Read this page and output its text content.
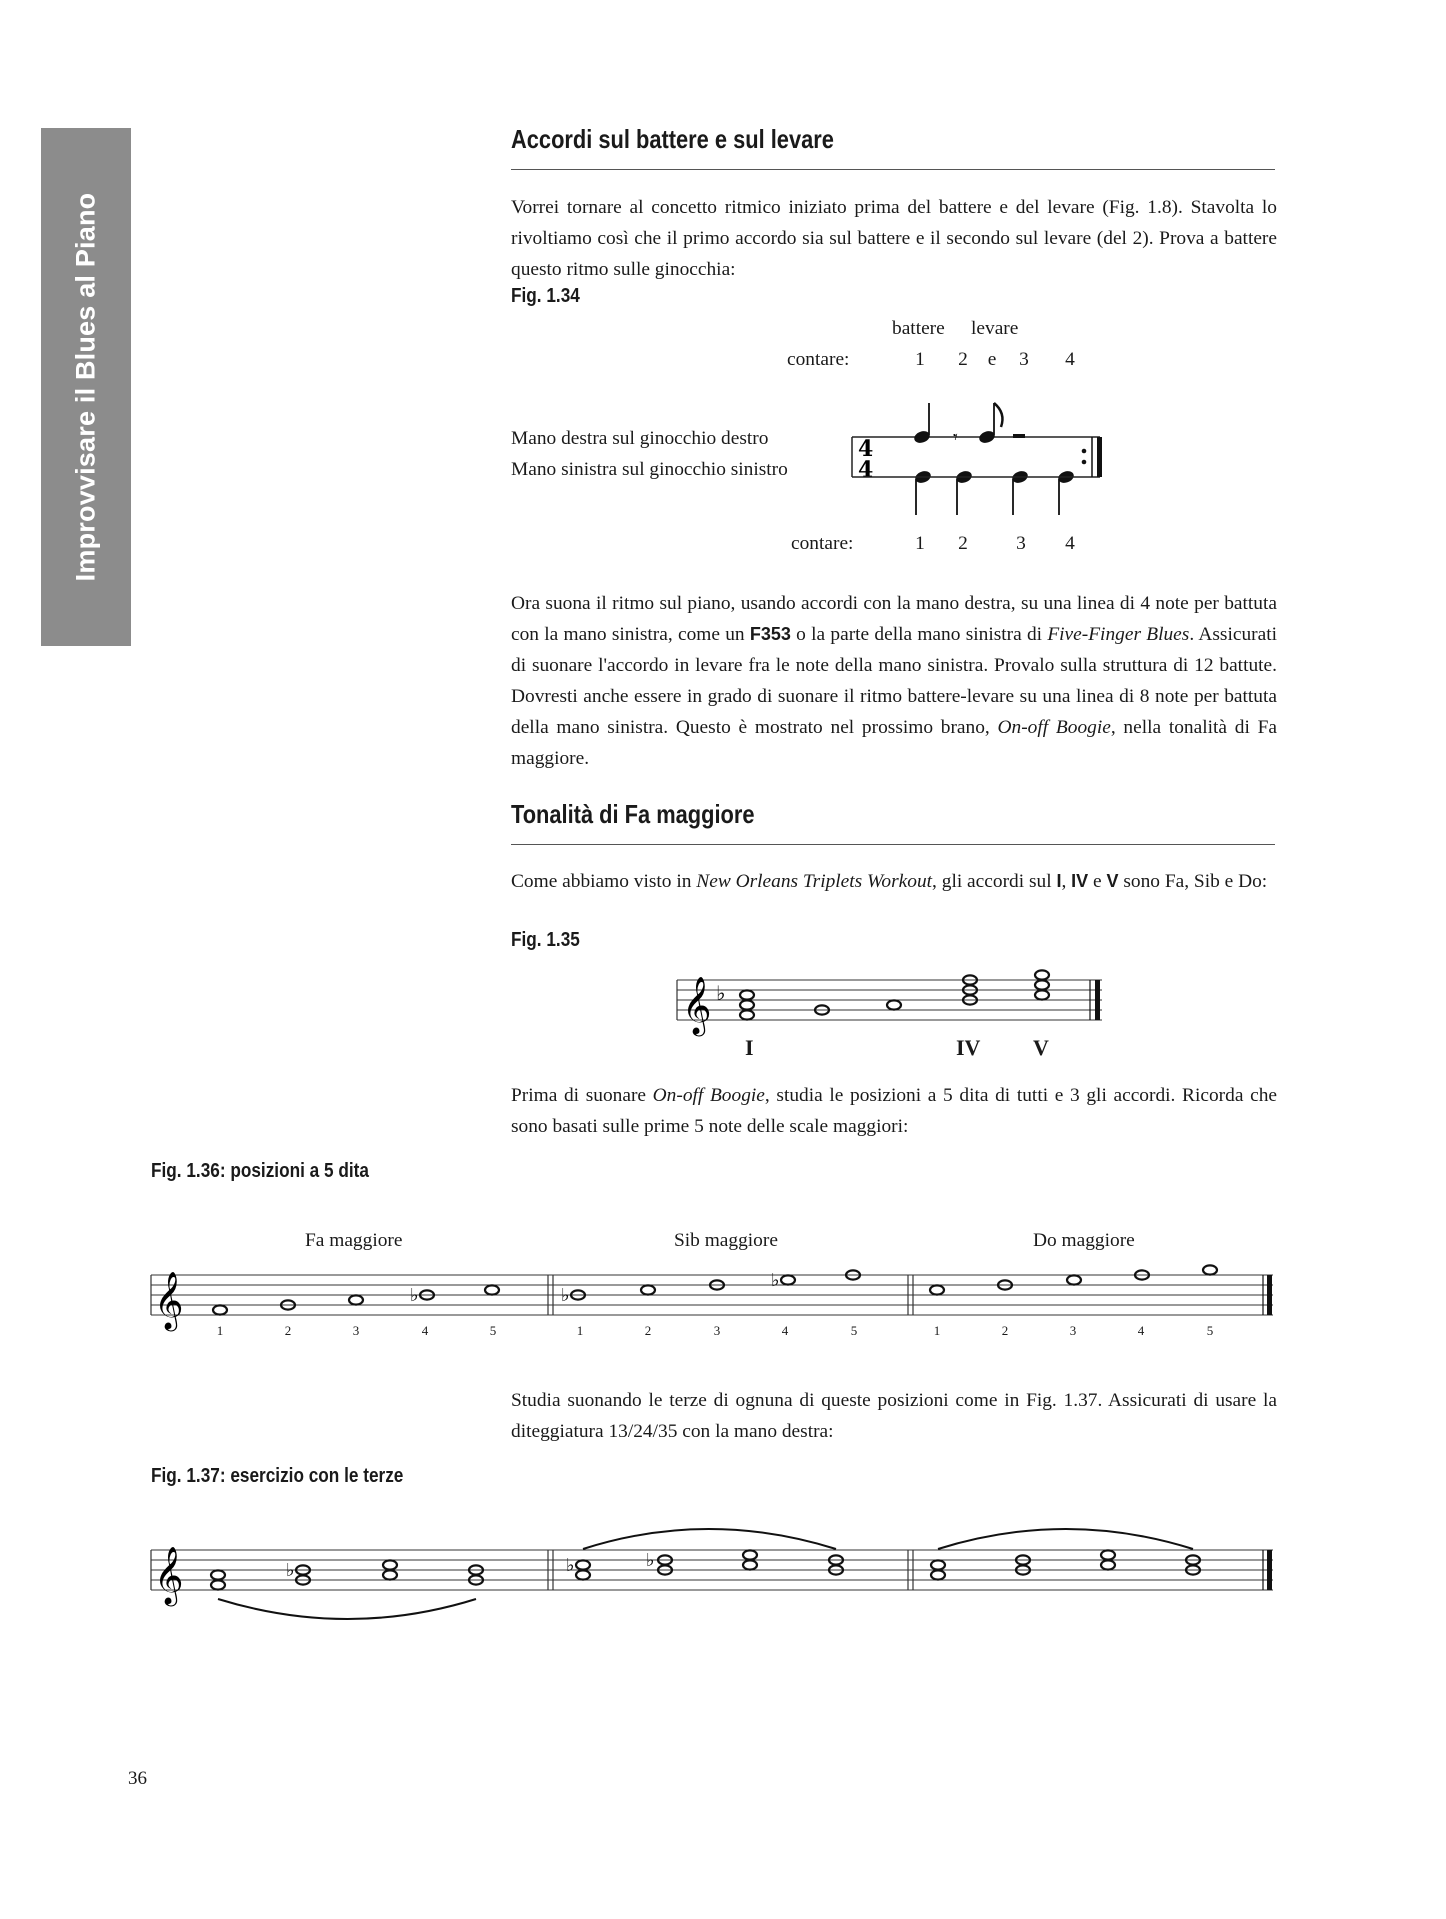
Improvvisare il Blues al Piano
Accordi sul battere e sul levare
Vorrei tornare al concetto ritmico iniziato prima del battere e del levare (Fig. 1.8). Stavolta lo rivoltiamo così che il primo accordo sia sul battere e il secondo sul levare (del 2). Prova a battere questo ritmo sulle ginocchia:
Fig. 1.34
battere levare
contare:	1	2	e	3	4
Mano destra sul ginocchio destro
Mano sinistra sul ginocchio sinistro
4
4
𝄾
contare:	1	2	3	4
Ora suona il ritmo sul piano, usando accordi con la mano destra, su una linea di 4 note per battuta con la mano sinistra, come un F353 o la parte della mano sinistra di Five-Finger Blues. Assicurati di suonare l'accordo in levare fra le note della mano sinistra. Provalo sulla struttura di 12 battute. Dovresti anche essere in grado di suonare il ritmo battere-levare su una linea di 8 note per battuta della mano sinistra. Questo è mostrato nel prossimo brano, On-off Boogie, nella tonalità di Fa maggiore.
Tonalità di Fa maggiore
Come abbiamo visto in New Orleans Triplets Workout, gli accordi sul I, IV e V sono Fa, Sib e Do:
Fig. 1.35
𝄞 ♭
I	IV V
Prima di suonare On-off Boogie, studia le posizioni a 5 dita di tutti e 3 gli accordi. Ricorda che sono basati sulle prime 5 note delle scale maggiori:
Fig. 1.36: posizioni a 5 dita
Fa maggiore	Sib maggiore	Do maggiore
𝄞	♭	♭
♭
1	2	3	4	5	1	2	3	4	5	1	2	3	4	5
Studia suonando le terze di ognuna di queste posizioni come in Fig. 1.37. Assicurati di usare la diteggiatura 13/24/35 con la mano destra:
Fig. 1.37: esercizio con le terze
𝄞	♭	♭	♭
36
